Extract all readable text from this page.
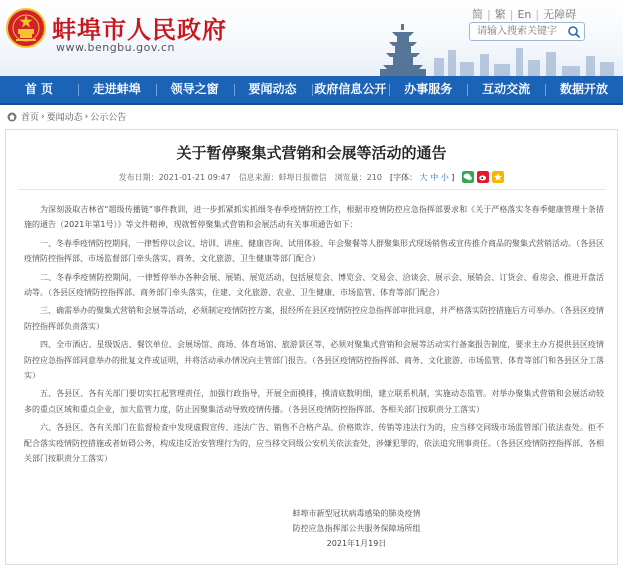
蚌埠市人民政府
www.bengbu.gov.cn
简 | 繁 | En | 无障碍
请输入搜索关键字
首 页	走进蚌埠	领导之窗	要闻动态	政府信息公开	办事服务	互动交流	数据开放
首页 › 要闻动态 › 公示公告
关于暂停聚集式营销和会展等活动的通告
发布日期：2021-01-21 09:47 信息来源：蚌埠日报微信 浏览量：210 [字体： 大 中 小 ]

为深刻汲取吉林省“超级传播链”事件教训，进一步抓紧抓实抓细冬春季疫情防控工作，根据市疫情防控应急指挥部要求和《关于严格落实冬春季健康管理十条措施的通告（2021年第1号）》等文件精神，现就暂停聚集式营销和会展活动有关事项通告如下：

一、冬春季疫情防控期间，一律暂停以会议、培训、讲座、健康咨询、试用体验、年会聚餐等人群聚集形式现场销售或宣传推介商品的聚集式营销活动。（各县区疫情防控指挥部、市场监督部门牵头落实，商务、文化旅游、卫生健康等部门配合）

二、冬春季疫情防控期间，一律暂停举办各种会展、展销、展览活动，包括展览会、博览会、交易会、洽谈会、展示会、展销会、订货会、看房会、推进开盘活动等。（各县区疫情防控指挥部、商务部门牵头落实，住建、文化旅游、农业、卫生健康、市场监管、体育等部门配合）

三、确需举办的聚集式营销和会展等活动，必须制定疫情防控方案，报经所在县区疫情防控应急指挥部审批同意，并严格落实防控措施后方可举办。（各县区疫情防控指挥部负责落实）

四、全市酒店、星级饭店、餐饮单位、会展场馆、商场、体育场馆、旅游景区等，必须对聚集式营销和会展等活动实行备案报告制度，要求主办方提供县区疫情防控应急指挥部同意举办的批复文件或证明，并将活动承办情况向主管部门报告。（各县区疫情防控指挥部、商务、文化旅游、市场监管、体育等部门和各县区分工落实）

五、各县区、各有关部门要切实扛起管理责任，加强行政指导，开展全面摸排，摸清底数明细，建立联系机制，实施动态监管。对举办聚集式营销和会展活动较多的重点区域和重点企业，加大监管力度，防止因聚集活动导致疫情传播。（各县区疫情防控指挥部、各相关部门按职责分工落实）

六、各县区、各有关部门在监督检查中发现虚假宣传、违法广告、销售不合格产品、价格欺诈、传销等违法行为的，应当移交同级市场监管部门依法查处。拒不配合落实疫情防控措施或者妨碍公务，构成违反治安管理行为的，应当移交同级公安机关依法查处，涉嫌犯罪的，依法追究刑事责任。（各县区疫情防控指挥部、各相关部门按职责分工落实）

蚌埠市新型冠状病毒感染的肺炎疫情
防控应急指挥部公共服务保障场所组
2021年1月19日
